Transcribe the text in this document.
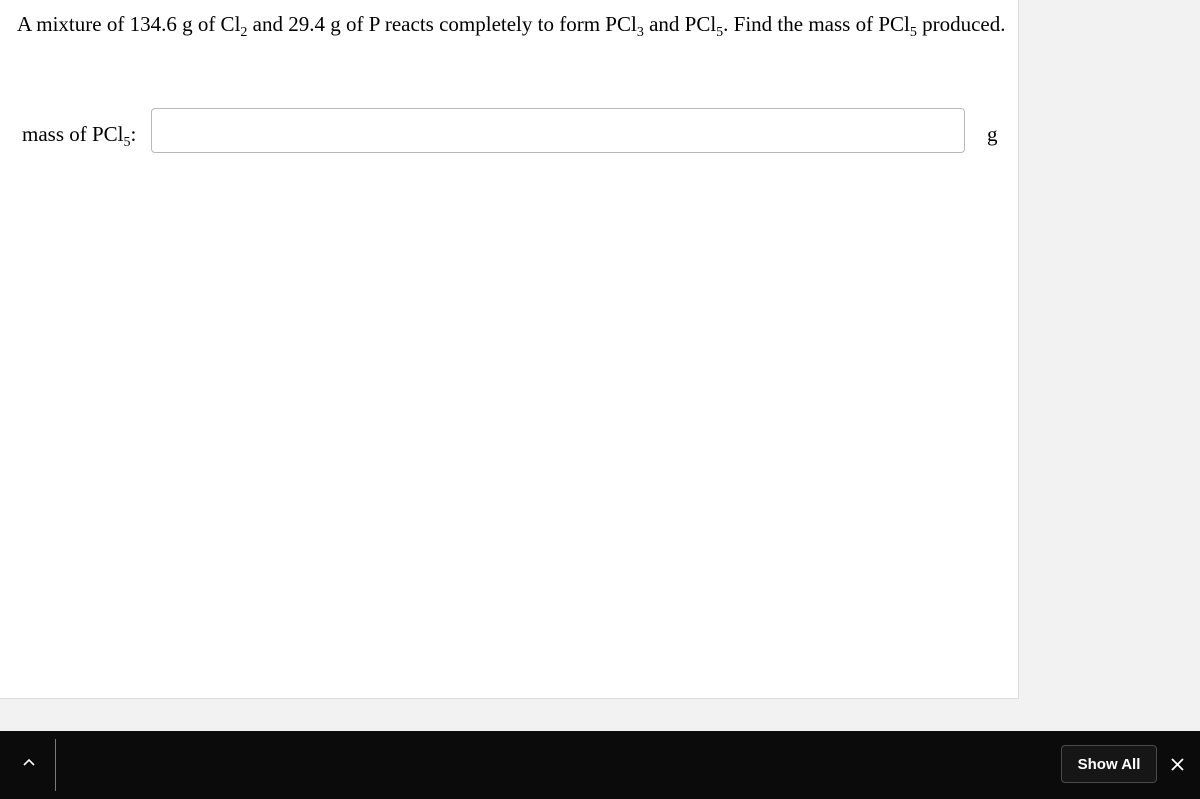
A mixture of 134.6 g of $Cl_2$ and 29.4 g of P reacts completely to form PCl$_3$ and PCl$_5$. Find the mass of PCl$_5$ produced.

mass of PCl$_5$:	g
Show All
